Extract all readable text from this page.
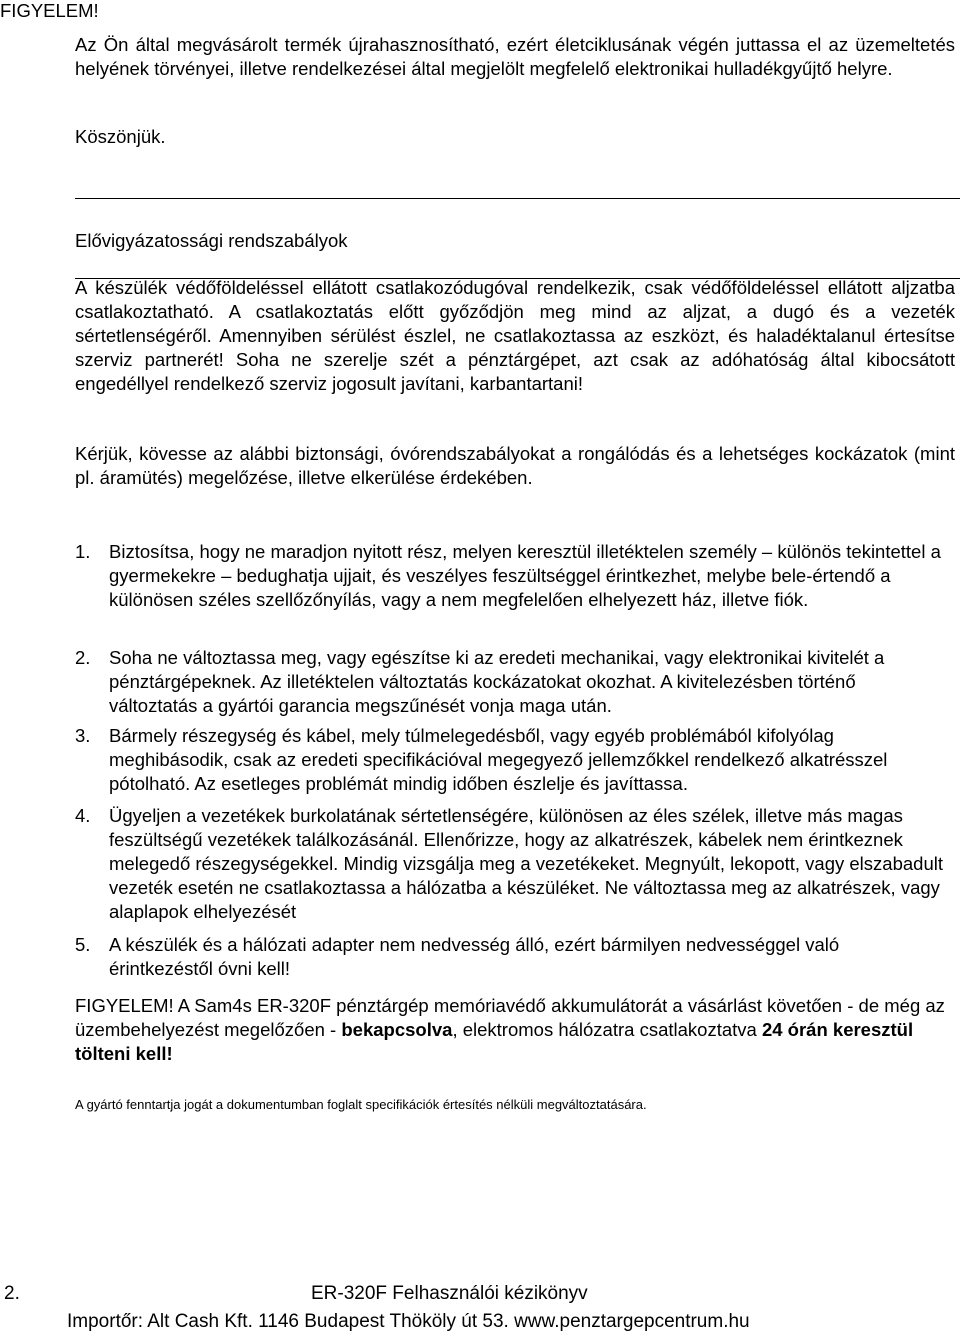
FIGYELEM!
Az Ön által megvásárolt termék újrahasznosítható, ezért életciklusának végén juttassa el az üzemeltetés helyének törvényei, illetve rendelkezései által megjelölt megfelelő elektronikai hulladékgyűjtő helyre.
Köszönjük.
Elővigyázatossági rendszabályok
A készülék védőföldeléssel ellátott csatlakozódugóval rendelkezik, csak védőföldeléssel ellátott aljzatba csatlakoztatható. A csatlakoztatás előtt győződjön meg mind az aljzat, a dugó és a vezeték sértetlenségéről. Amennyiben sérülést észlel, ne csatlakoztassa az eszközt, és haladéktalanul értesítse szerviz partnerét! Soha ne szerelje szét a pénztárgépet, azt csak az adóhatóság által kibocsátott engedéllyel rendelkező szerviz jogosult javítani, karbantartani!
Kérjük, kövesse az alábbi biztonsági, óvórendszabályokat a rongálódás és a lehetséges kockázatok (mint pl. áramütés) megelőzése, illetve elkerülése érdekében.
1.	Biztosítsa, hogy ne maradjon nyitott rész, melyen keresztül illetéktelen személy – különös tekintettel a gyermekekre – bedughatja ujjait, és veszélyes feszültséggel érintkezhet, melybe bele-értendő a különösen széles szellőzőnyílás, vagy a nem megfelelően elhelyezett ház, illetve fiók.
2.	Soha ne változtassa meg, vagy egészítse ki az eredeti mechanikai, vagy elektronikai kivitelét a pénztárgépeknek. Az illetéktelen változtatás kockázatokat okozhat. A kivitelezésben történő változtatás a gyártói garancia megszűnését vonja maga után.
3.	Bármely részegység és kábel, mely túlmelegedésből, vagy egyéb problémából kifolyólag meghibásodik, csak az eredeti specifikációval megegyező jellemzőkkel rendelkező alkatrésszel pótolható. Az esetleges problémát mindig időben észlelje és javíttassa.
4.	Ügyeljen a vezetékek burkolatának sértetlenségére, különösen az éles szélek, illetve más magas feszültségű vezetékek találkozásánál. Ellenőrizze, hogy az alkatrészek, kábelek nem érintkeznek melegedő részegységekkel. Mindig vizsgálja meg a vezetékeket. Megnyúlt, lekopott, vagy elszabadult vezeték esetén ne csatlakoztassa a hálózatba a készüléket. Ne változtassa meg az alkatrészek, vagy alaplapok elhelyezését
5.	A készülék és a hálózati adapter nem nedvesség álló, ezért bármilyen nedvességgel való érintkezéstől óvni kell!
FIGYELEM! A Sam4s ER-320F pénztárgép memóriavédő akkumulátorát a vásárlást követően - de még az üzembehelyezést megelőzően - bekapcsolva, elektromos hálózatra csatlakoztatva 24 órán keresztül tölteni kell!
A gyártó fenntartja jogát a dokumentumban foglalt specifikációk értesítés nélküli megváltoztatására.
2.	ER-320F Felhasználói kézikönyv
Importőr: Alt Cash Kft. 1146 Budapest Thököly út 53. www.penztargepcentrum.hu
